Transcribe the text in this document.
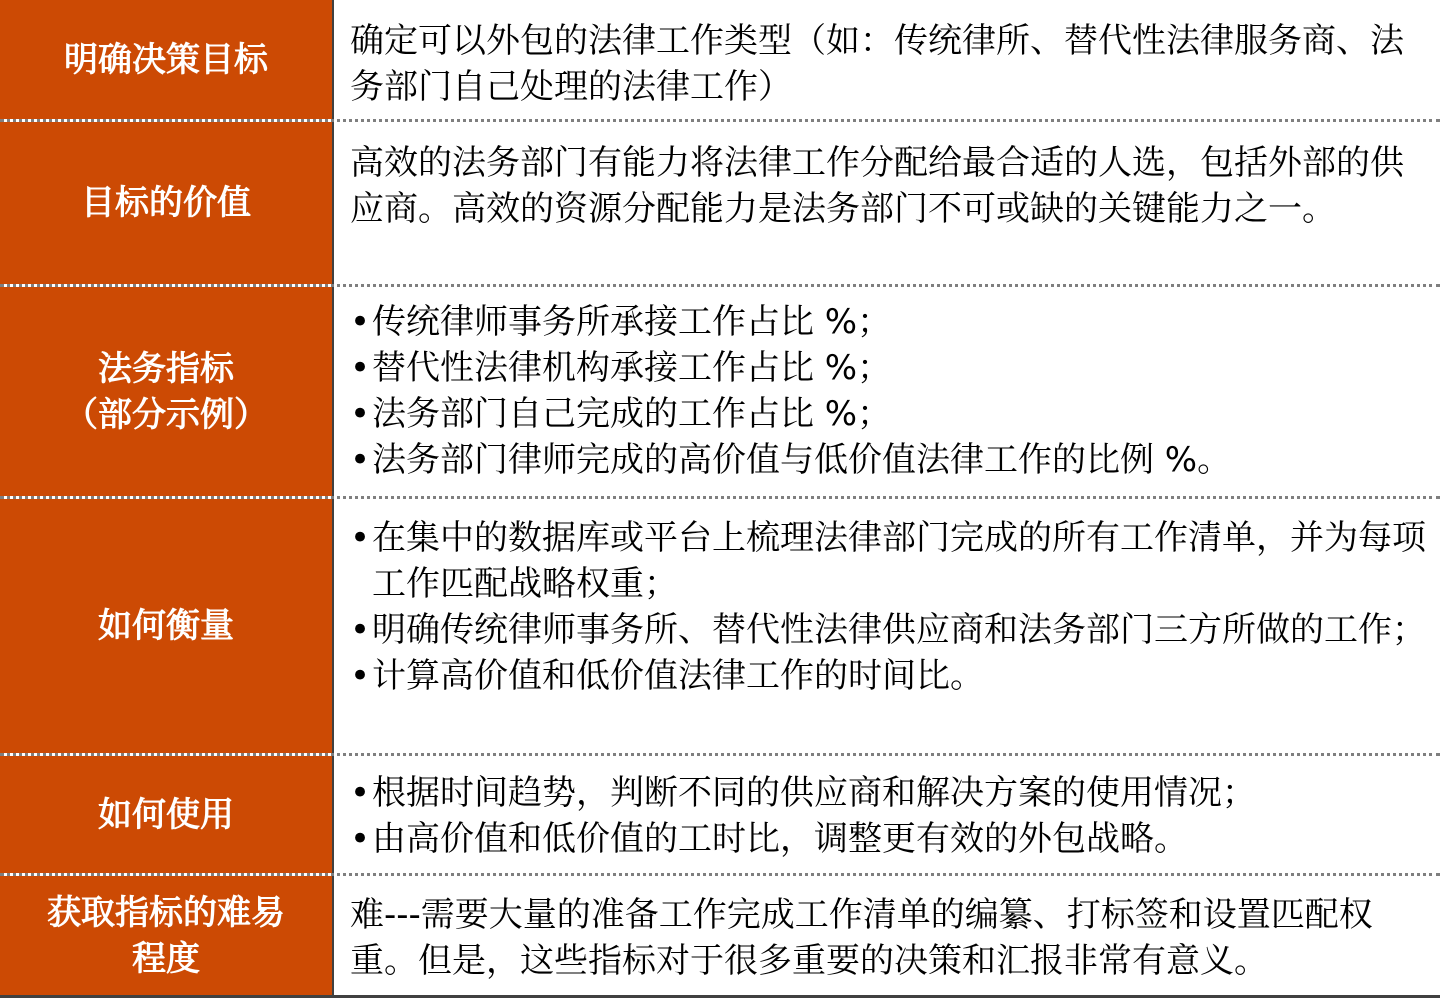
明确决策目标 确定可以外包的法律工作类型（如：传统律所、替代性法律服务商、法务部门自己处理的法律工作）

目标的价值

高效的法务部门有能力将法律工作分配给最合适的人选，包括外部的供应商。高效的资源分配能力是法务部门不可或缺的关键能力之一。

法务指标
（部分示例）
• 传统律师事务所承接工作占比 %；
• 替代性法律机构承接工作占比 %；
• 法务部门自己完成的工作占比 %；
• 法务部门律师完成的高价值与低价值法律工作的比例 %。
如何衡量
• 在集中的数据库或平台上梳理法律部门完成的所有工作清单，并为每项工作匹配战略权重；
• 明确传统律师事务所、替代性法律供应商和法务部门三方所做的工作；
• 计算高价值和低价值法律工作的时间比。
如何使用
• 根据时间趋势，判断不同的供应商和解决方案的使用情况；
• 由高价值和低价值的工时比，调整更有效的外包战略。
获取指标的难易
程度

难---需要大量的准备工作完成工作清单的编纂、打标签和设置匹配权重。但是，这些指标对于很多重要的决策和汇报非常有意义。
